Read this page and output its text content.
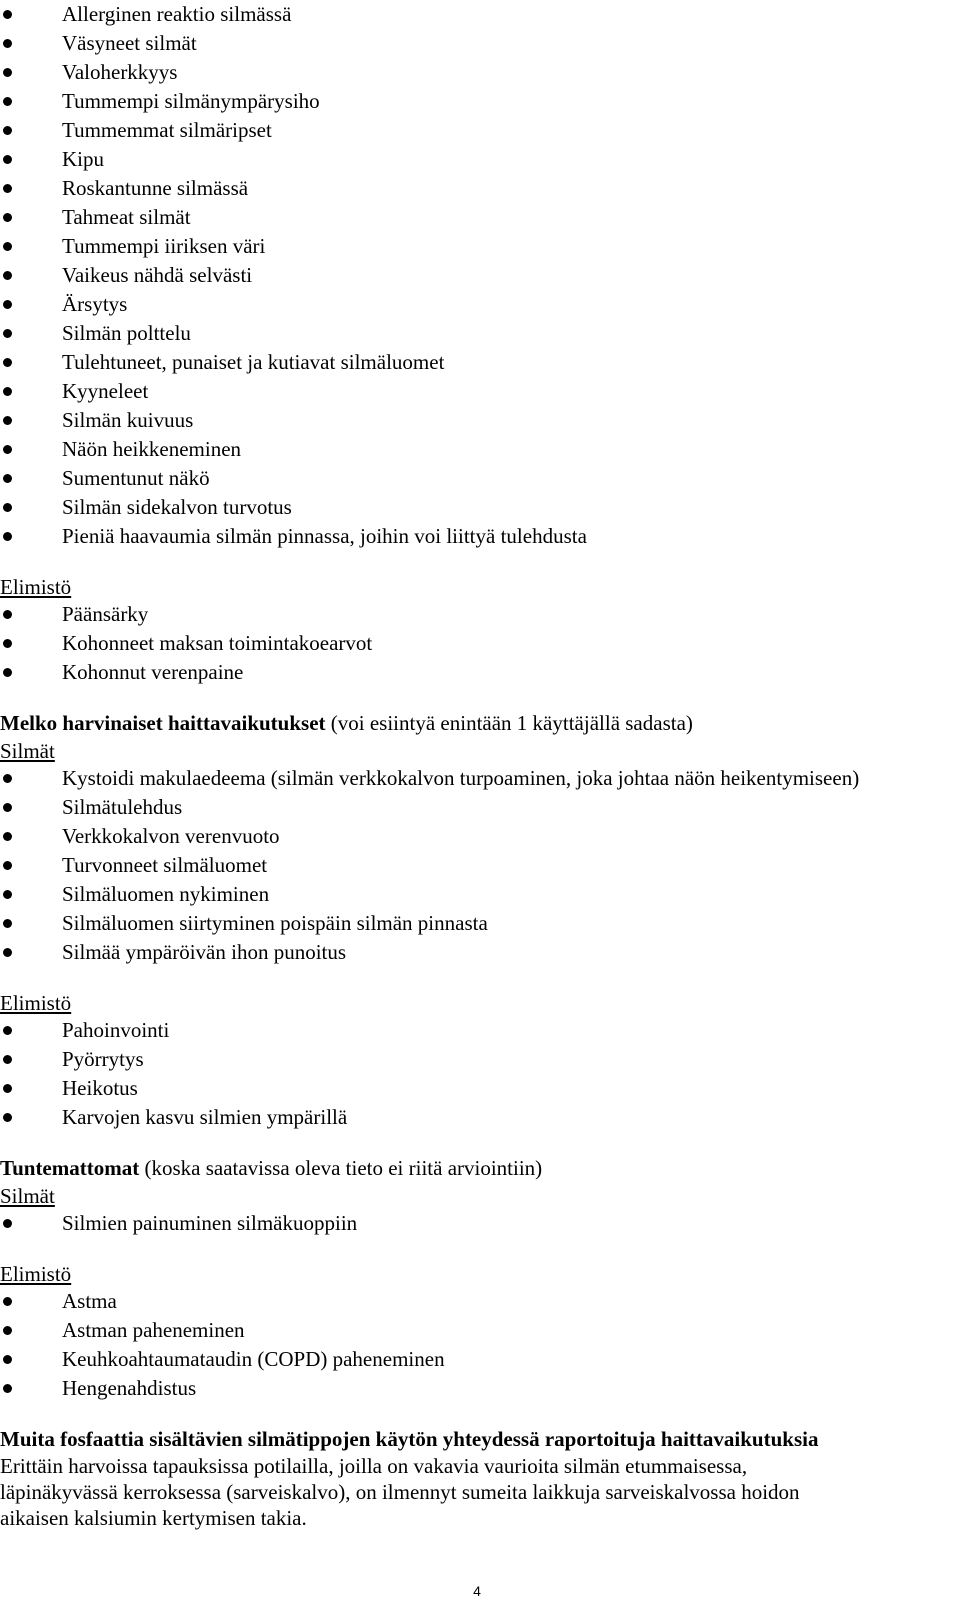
Allerginen reaktio silmässä
Väsyneet silmät
Valoherkkyys
Tummempi silmänympärysiho
Tummemmat silmäripset
Kipu
Roskantunne silmässä
Tahmeat silmät
Tummempi iiriksen väri
Vaikeus nähdä selvästi
Ärsytys
Silmän polttelu
Tulehtuneet, punaiset ja kutiavat silmäluomet
Kyyneleet
Silmän kuivuus
Näön heikkeneminen
Sumentunut näkö
Silmän sidekalvon turvotus
Pieniä haavaumia silmän pinnassa, joihin voi liittyä tulehdusta
Elimistö
Päänsärky
Kohonneet maksan toimintakoearvot
Kohonnut verenpaine
Melko harvinaiset haittavaikutukset (voi esiintyä enintään 1 käyttäjällä sadasta)
Silmät
Kystoidi makulaedeema (silmän verkkokalvon turpoaminen, joka johtaa näön heikentymiseen)
Silmätulehdus
Verkkokalvon verenvuoto
Turvonneet silmäluomet
Silmäluomen nykiminen
Silmäluomen siirtyminen poispäin silmän pinnasta
Silmää ympäröivän ihon punoitus
Elimistö
Pahoinvointi
Pyörrytys
Heikotus
Karvojen kasvu silmien ympärillä
Tuntemattomat (koska saatavissa oleva tieto ei riitä arviointiin)
Silmät
Silmien painuminen silmäkuoppiin
Elimistö
Astma
Astman paheneminen
Keuhkoahtaumataudin (COPD) paheneminen
Hengenahdistus
Muita fosfaattia sisältävien silmätippojen käytön yhteydessä raportoituja haittavaikutuksia

Erittäin harvoissa tapauksissa potilailla, joilla on vakavia vaurioita silmän etummaisessa,

läpinäkyvässä kerroksessa (sarveiskalvo), on ilmennyt sumeita laikkuja sarveiskalvossa hoidon

aikaisen kalsiumin kertymisen takia.

4
